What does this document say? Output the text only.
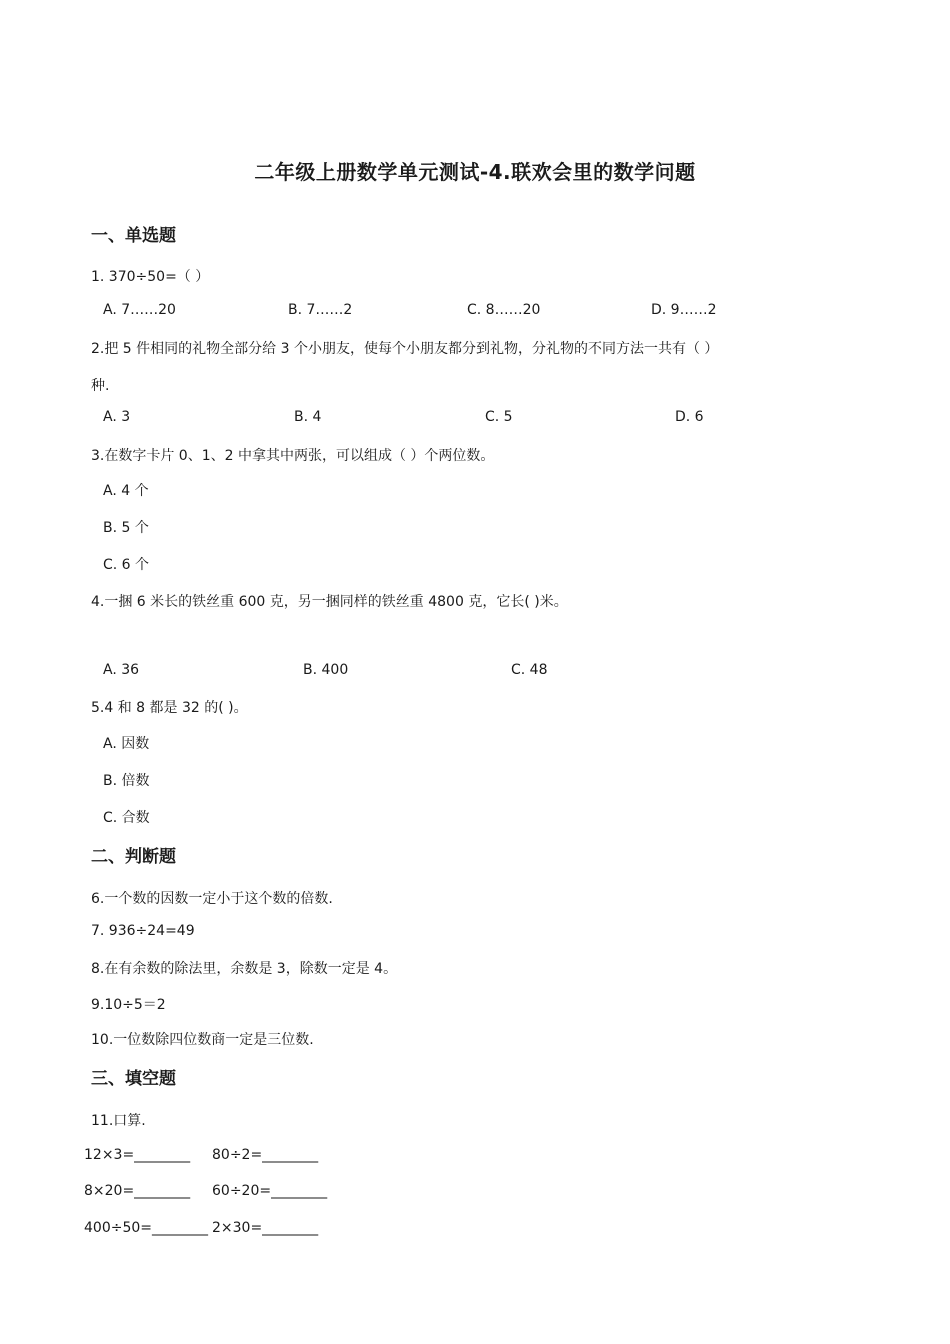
二年级上册数学单元测试-4.联欢会里的数学问题
一、单选题
1. 370÷50=（ ）
A. 7……20	B. 7……2	C. 8……20	D. 9……2
2.把 5 件相同的礼物全部分给 3 个小朋友，使每个小朋友都分到礼物，分礼物的不同方法一共有（ ）
种.
A. 3	B. 4	C. 5	D. 6
3.在数字卡片 0、1、2 中拿其中两张，可以组成（ ）个两位数。
A. 4 个
B. 5 个
C. 6 个
4.一捆 6 米长的铁丝重 600 克，另一捆同样的铁丝重 4800 克，它长( )米。
A. 36	B. 400	C. 48
5.4 和 8 都是 32 的( )。
A. 因数
B. 倍数
C. 合数
二、判断题
6.一个数的因数一定小于这个数的倍数.
7. 936÷24=49
8.在有余数的除法里，余数是 3，除数一定是 4。
9.10÷5＝2
10.一位数除四位数商一定是三位数.
三、填空题
11.口算.
12×3=________ 80÷2=________
8×20=________ 60÷20=________
400÷50=________ 2×30=________
